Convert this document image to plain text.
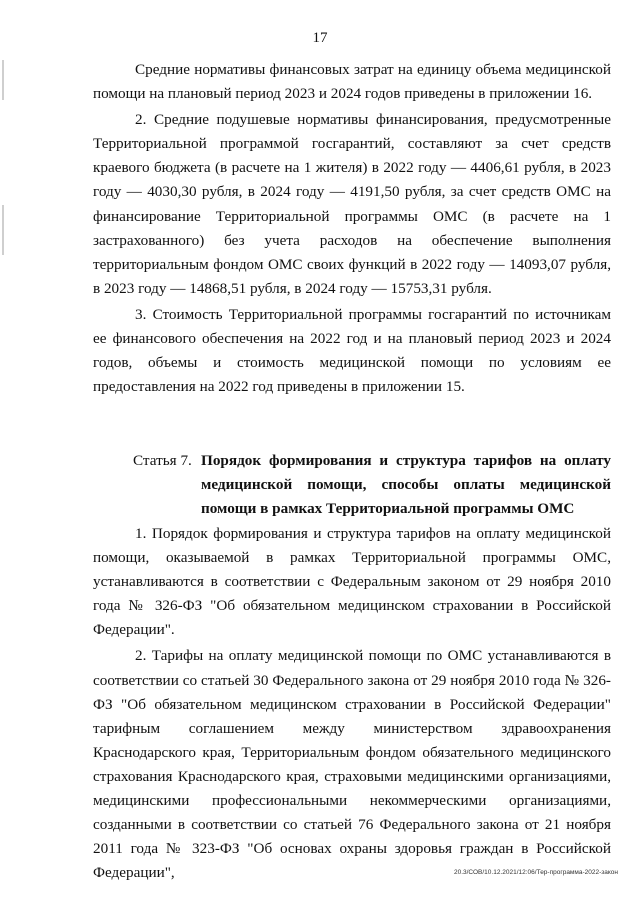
17

Средние нормативы финансовых затрат на единицу объема медицинской помощи на плановый период 2023 и 2024 годов приведены в приложении 16.

2. Средние подушевые нормативы финансирования, предусмотренные Территориальной программой госгарантий, составляют за счет средств краевого бюджета (в расчете на 1 жителя) в 2022 году — 4406,61 рубля, в 2023 году — 4030,30 рубля, в 2024 году — 4191,50 рубля, за счет средств ОМС на финансирование Территориальной программы ОМС (в расчете на 1 застрахованного) без учета расходов на обеспечение выполнения территориальным фондом ОМС своих функций в 2022 году — 14093,07 рубля, в 2023 году — 14868,51 рубля, в 2024 году — 15753,31 рубля.

3. Стоимость Территориальной программы госгарантий по источникам ее финансового обеспечения на 2022 год и на плановый период 2023 и 2024 годов, объемы и стоимость медицинской помощи по условиям ее предоставления на 2022 год приведены в приложении 15.

Статья 7. Порядок формирования и структура тарифов на оплату медицинской помощи, способы оплаты медицинской помощи в рамках Территориальной программы ОМС

1. Порядок формирования и структура тарифов на оплату медицинской помощи, оказываемой в рамках Территориальной программы ОМС, устанавливаются в соответствии с Федеральным законом от 29 ноября 2010 года № 326-ФЗ "Об обязательном медицинском страховании в Российской Федерации".

2. Тарифы на оплату медицинской помощи по ОМС устанавливаются в соответствии со статьей 30 Федерального закона от 29 ноября 2010 года № 326-ФЗ "Об обязательном медицинском страховании в Российской Федерации" тарифным соглашением между министерством здравоохранения Краснодарского края, Территориальным фондом обязательного медицинского страхования Краснодарского края, страховыми медицинскими организациями, медицинскими профессиональными некоммерческими организациями, созданными в соответствии со статьей 76 Федерального закона от 21 ноября 2011 года № 323-ФЗ "Об основах охраны здоровья граждан в Российской Федерации",	20.3/СОВ/10.12.2021/12:06/Тер-программа-2022-закон
